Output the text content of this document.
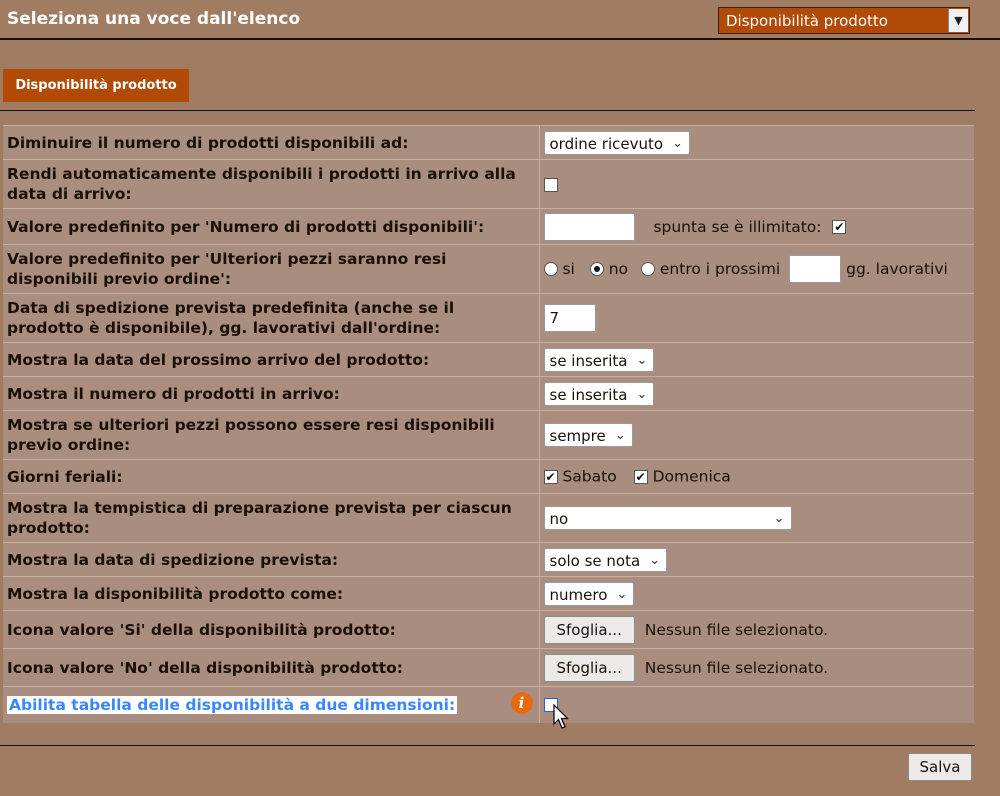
Seleziona una voce dall'elenco	Disponibilità prodotto	▼
Disponibilità prodotto
Diminuire il numero di prodotti disponibili ad:	ordine ricevuto ⌄

Rendi automaticamente disponibili i prodotti in arrivo alla data di arrivo:	
Valore predefinito per 'Numero di prodotti disponibili':	spunta se è illimitato: ✔
Valore predefinito per 'Ulteriori pezzi saranno resi disponibili previo ordine':	si no entro i prossimi gg. lavorativi
Data di spedizione prevista predefinita (anche se il prodotto è disponibile), gg. lavorativi dall'ordine:	7
Mostra la data del prossimo arrivo del prodotto:	se inserita ⌄

Mostra il numero di prodotti in arrivo:	se inserita ⌄

Mostra se ulteriori pezzi possono essere resi disponibili previo ordine:	sempre ⌄

Giorni feriali:	✔ Sabato ✔ Domenica
Mostra la tempistica di preparazione prevista per ciascun prodotto:	no ⌄

Mostra la data di spedizione prevista:	solo se nota ⌄

Mostra la disponibilità prodotto come:	numero ⌄

Icona valore 'Si' della disponibilità prodotto:	Sfoglia... Nessun file selezionato.
Icona valore 'No' della disponibilità prodotto:	Sfoglia... Nessun file selezionato.
Abilita tabella delle disponibilità a due dimensioni: i	

Salva
